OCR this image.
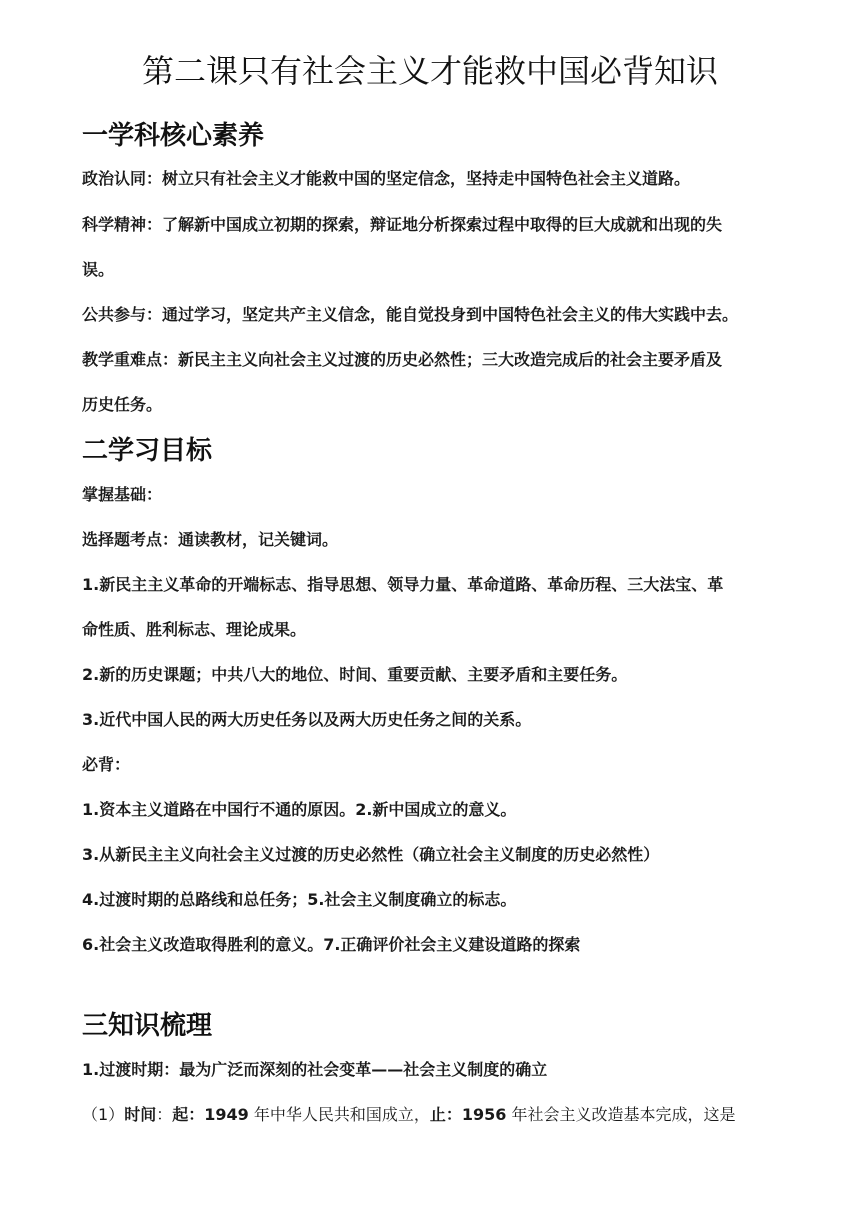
第二课只有社会主义才能救中国必背知识
一学科核心素养

政治认同：树立只有社会主义才能救中国的坚定信念，坚持走中国特色社会主义道路。

科学精神：了解新中国成立初期的探索，辩证地分析探索过程中取得的巨大成就和出现的失

误。

公共参与：通过学习，坚定共产主义信念，能自觉投身到中国特色社会主义的伟大实践中去。

教学重难点：新民主主义向社会主义过渡的历史必然性；三大改造完成后的社会主要矛盾及

历史任务。

二学习目标

掌握基础：

选择题考点：通读教材，记关键词。

1.新民主主义革命的开端标志、指导思想、领导力量、革命道路、革命历程、三大法宝、革

命性质、胜利标志、理论成果。

2.新的历史课题；中共八大的地位、时间、重要贡献、主要矛盾和主要任务。

3.近代中国人民的两大历史任务以及两大历史任务之间的关系。

必背：

1.资本主义道路在中国行不通的原因。2.新中国成立的意义。

3.从新民主主义向社会主义过渡的历史必然性（确立社会主义制度的历史必然性）

4.过渡时期的总路线和总任务；5.社会主义制度确立的标志。

6.社会主义改造取得胜利的意义。7.正确评价社会主义建设道路的探索

三知识梳理

1.过渡时期：最为广泛而深刻的社会变革——社会主义制度的确立

（1）时间：起：1949 年中华人民共和国成立，止：1956 年社会主义改造基本完成，这是
